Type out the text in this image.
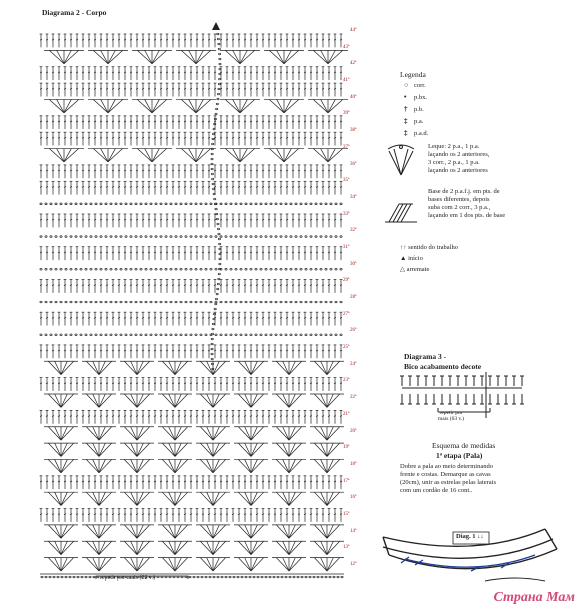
Diagrama 2 - Corpo
44ª
43ª
42ª
41ª
40ª
39ª
38ª
37ª
36ª
35ª
34ª
33ª
32ª
31ª
30ª
29ª
28ª
27ª
26ª
25ª
24ª
23ª
22ª
21ª
20ª
19ª
18ª
17ª
16ª
15ª
14ª
13ª
12ª
repetir por mais (22 v.)
Legenda
○ corr.
• p.bx.
† p.b.
‡ p.a.
‡ p.a.d.
Leque: 2 p.a., 1 p.a.
laçando os 2 anteriores,
3 corr., 2 p.a., 1 p.a.
laçando os 2 anteriores
Base de 2 p.a.f.j. em pts. de
bases diferentes, depois
suba com 2 corr., 3 p.a.,
laçando em 1 dos pts. de base
↑↑ sentido do trabalho
▲ início
△ arremate
Diagrama 3 -
Bico acabamento decote
repetir por
mais (63 v.)
Esquema de medidas
1ª etapa (Pala)
Dobre a pala ao meio determinando
frente e costas. Demarque as cavas
(20cm), unir as estrelas pelas laterais
com um cordão de 16 cont..
Diag. 1 ↓↓
Страна Мам
